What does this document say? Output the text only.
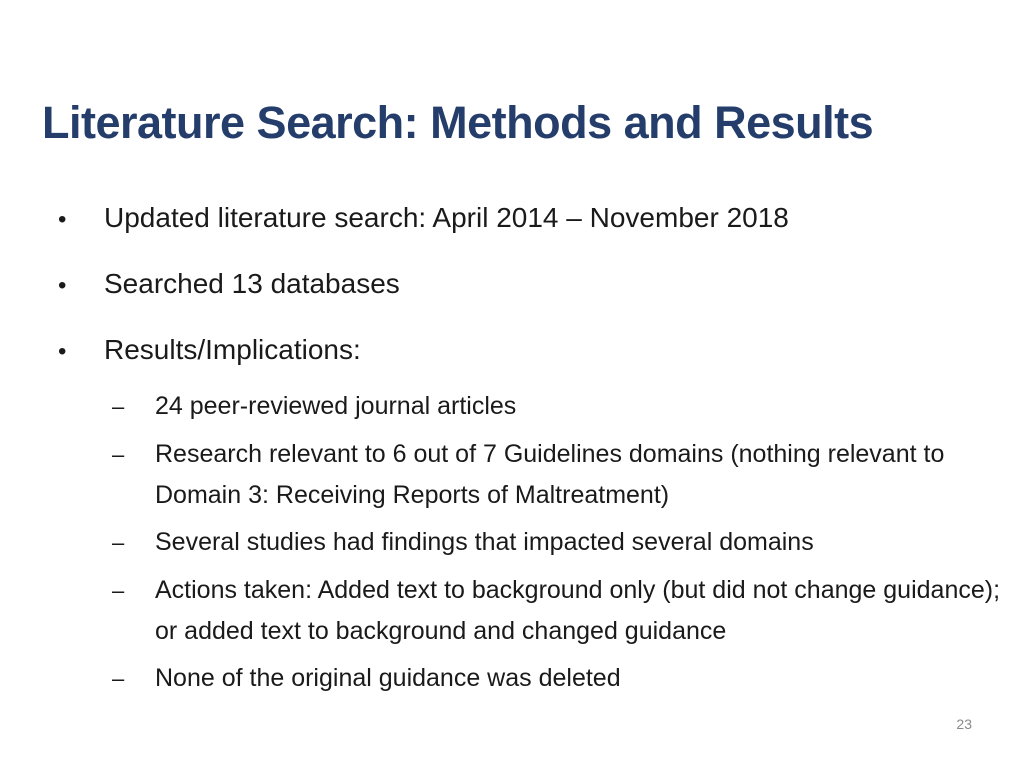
Literature Search: Methods and Results
•	Updated literature search: April 2014 – November 2018
•	Searched 13 databases
•	Results/Implications:
–	24 peer-reviewed journal articles
–	Research relevant to 6 out of 7 Guidelines domains (nothing relevant to Domain 3: Receiving Reports of Maltreatment)
–	Several studies had findings that impacted several domains
–	Actions taken: Added text to background only (but did not change guidance); or added text to background and changed guidance
–	None of the original guidance was deleted
23
